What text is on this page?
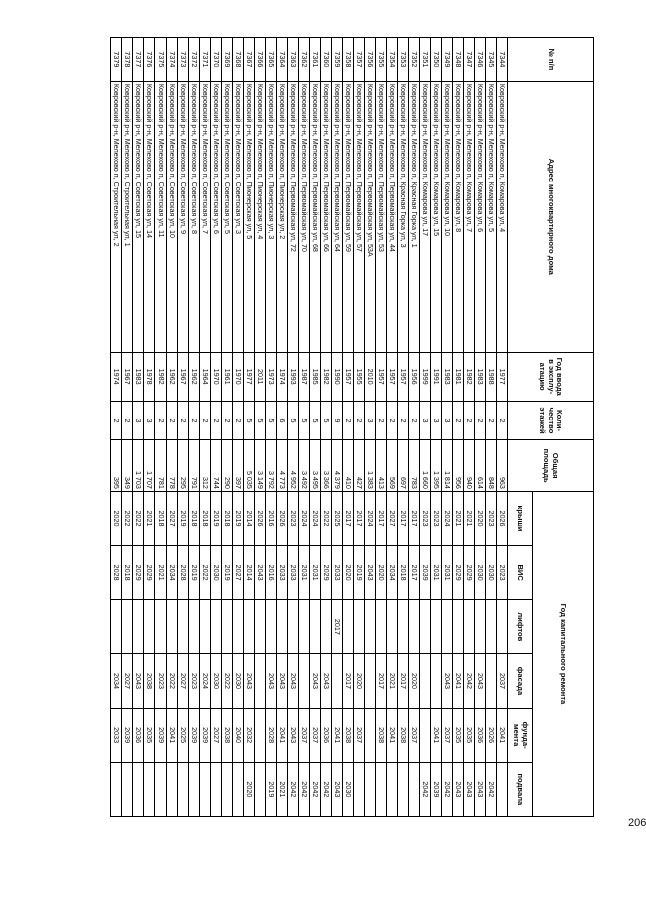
206
№ п/п	Адрес многоквартирного дома	Год ввода в эксплу-атацию	Коли-чество этажей	Общая площадь	Год капитального ремонта					
					крыши	ВИС	лифтов	фасада	фунда-мента	подвала
7344	Ковровский р-н, Мелехово п, Комарова ул, 4	1977	2	963	2026	2023		2037	2041	
7345	Ковровский р-н, Мелехово п, Комарова ул, 5	1988	2	848	2023	2030			2026	2042
7346	Ковровский р-н, Мелехово п, Комарова ул, 6	1983	2	614	2020	2030		2043	2036	2043
7347	Ковровский р-н, Мелехово п, Комарова ул, 7	1982	2	940	2021	2029		2042	2035	2043
7348	Ковровский р-н, Мелехово п, Комарова ул, 8	1981	2	956	2021	2029		2041	2035	2043
7349	Ковровский р-н, Мелехово п, Комарова ул, 10	1983	3	1 814	2024	2031		2043	2037	2042
7350	Ковровский р-н, Мелехово п, Комарова ул, 15	1991	3	1 395	2023	2031			2041	2039
7351	Ковровский р-н, Мелехово п, Комарова ул, 17	1999	3	1 660	2023	2039				2042
7352	Ковровский р-н, Мелехово п, Красная Горка ул, 1	1956	2	783	2017	2017		2020	2037	
7353	Ковровский р-н, Мелехово п, Красная Горка ул, 3	1957	2	697	2017	2018		2017	2038	
7354	Ковровский р-н, Мелехово п, Первомайская ул, 44	1957	2	569	2027	2034		2021	2041	
7355	Ковровский р-н, Мелехово п, Первомайская ул, 53	1957	2	413	2017	2020		2017	2038	
7356	Ковровский р-н, Мелехово п, Первомайская ул, 53А	2010	3	1 383	2024	2043				
7357	Ковровский р-н, Мелехово п, Первомайская ул, 57	1955	2	427	2017	2019		2020	2037	
7358	Ковровский р-н, Мелехово п, Первомайская ул, 59	1957	2	410	2017	2020		2017	2038	2030
7359	Ковровский р-н, Мелехово п, Первомайская ул, 64	1990	9	4 379	2025	2033	2017		2041	2043
7360	Ковровский р-н, Мелехово п, Первомайская ул, 66	1982	5	3 366	2022	2029		2043	2036	2042
7361	Ковровский р-н, Мелехово п, Первомайская ул, 68	1985	5	3 495	2024	2031		2043	2037	2042
7362	Ковровский р-н, Мелехово п, Первомайская ул, 70	1987	5	3 492	2024	2031			2037	2042
7363	Ковровский р-н, Мелехово п, Первомайская ул, 72	1993	5	4 952	2023	2033		2043	2043	2042
7364	Ковровский р-н, Мелехово п, Пионерская ул, 2	1974	6	4 773	2026	2033		2043	2041	2021
7365	Ковровский р-н, Мелехово п, Пионерская ул, 3	1973	5	3 792	2016	2016		2043	2028	2019
7366	Ковровский р-н, Мелехово п, Пионерская ул, 4	2011	5	3 149	2026	2043				
7367	Ковровский р-н, Мелехово п, Пионерская ул, 5	1977	5	5 035	2014	2014		2043	2032	2020
7368	Ковровский р-н, Мелехово п, Советская ул, 3	1970	2	397	2019	2027		2030	2040	
7369	Ковровский р-н, Мелехово п, Советская ул, 5	1961	2	290	2018	2019		2022	2038	
7370	Ковровский р-н, Мелехово п, Советская ул, 6	1970	2	744	2019	2030		2030	2027	
7371	Ковровский р-н, Мелехово п, Советская ул, 7	1964	2	312	2018	2022		2024	2039	
7372	Ковровский р-н, Мелехово п, Советская ул, 8	1962	2	791	2018	2019		2023	2039	
7373	Ковровский р-н, Мелехово п, Советская ул, 9	1967	2	295	2019	2028		2027	2025	
7374	Ковровский р-н, Мелехово п, Советская ул, 10	1962	2	778	2027	2034		2022	2041	
7375	Ковровский р-н, Мелехово п, Советская ул, 11	1982	2	781	2018	2021		2023	2039	
7376	Ковровский р-н, Мелехово п, Советская ул, 14	1978	3	1 707	2021	2029		2038	2035	
7377	Ковровский р-н, Мелехово п, Советская ул, 15	1983	3	1 703	2022	2029		2043	2036	
7378	Ковровский р-н, Мелехово п, Строительная ул, 1	1967	2	349	2022	2018		2027	2039	
7379	Ковровский р-н, Мелехово п, Строительная ул, 2	1974	2	395	2020	2028		2034	2033	
